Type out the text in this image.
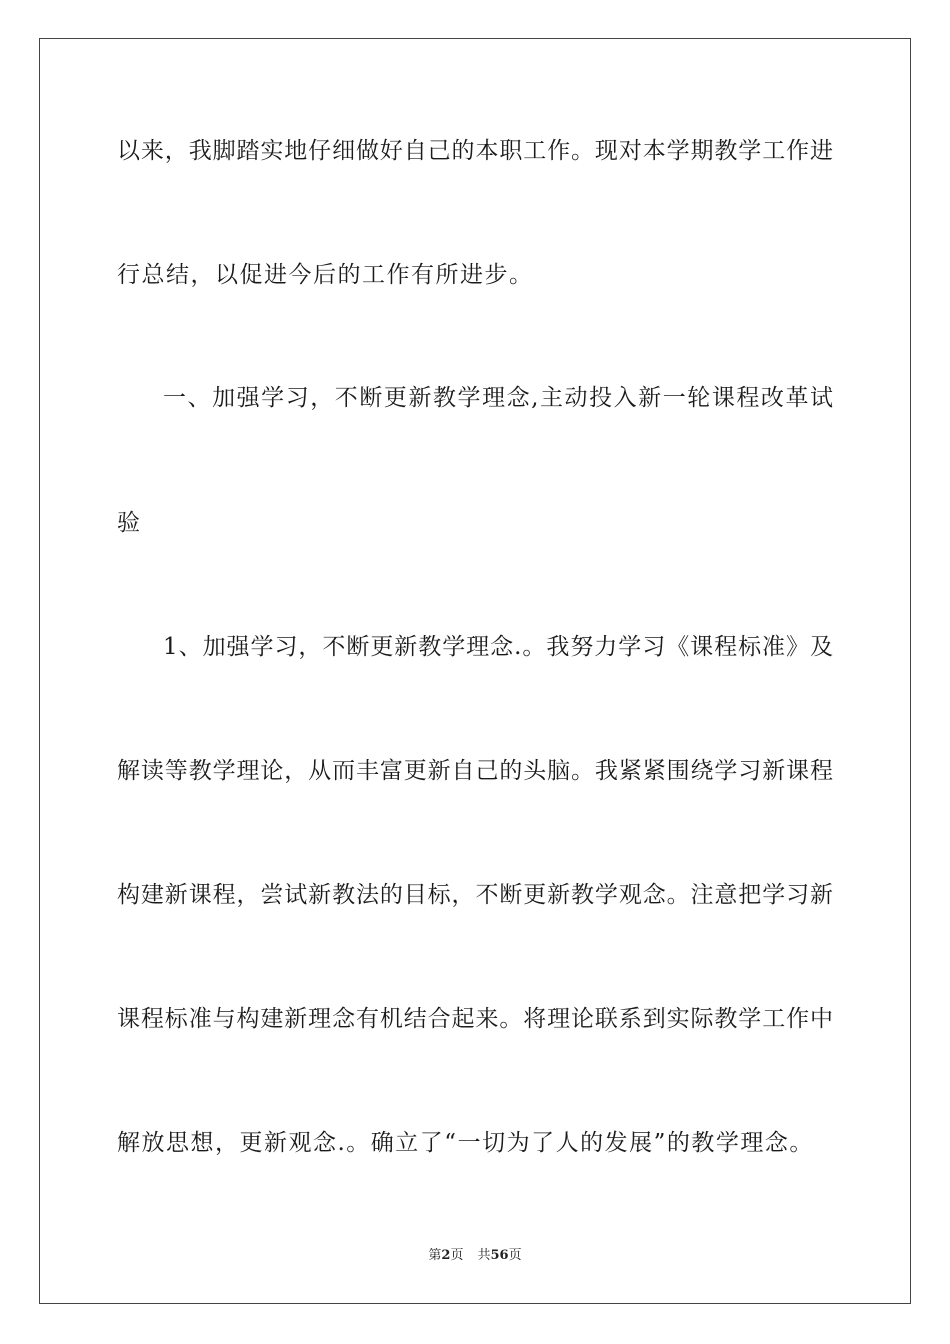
以来，我脚踏实地仔细做好自己的本职工作。现对本学期教学工作进
行总结，以促进今后的工作有所进步。
一、加强学习，不断更新教学理念,主动投入新一轮课程改革试
验
1、加强学习，不断更新教学理念.。我努力学习《课程标准》及
解读等教学理论，从而丰富更新自己的头脑。我紧紧围绕学习新课程
构建新课程，尝试新教法的目标，不断更新教学观念。注意把学习新
课程标准与构建新理念有机结合起来。将理论联系到实际教学工作中
解放思想，更新观念.。确立了“一切为了人的发展”的教学理念。
第2页 共56页
